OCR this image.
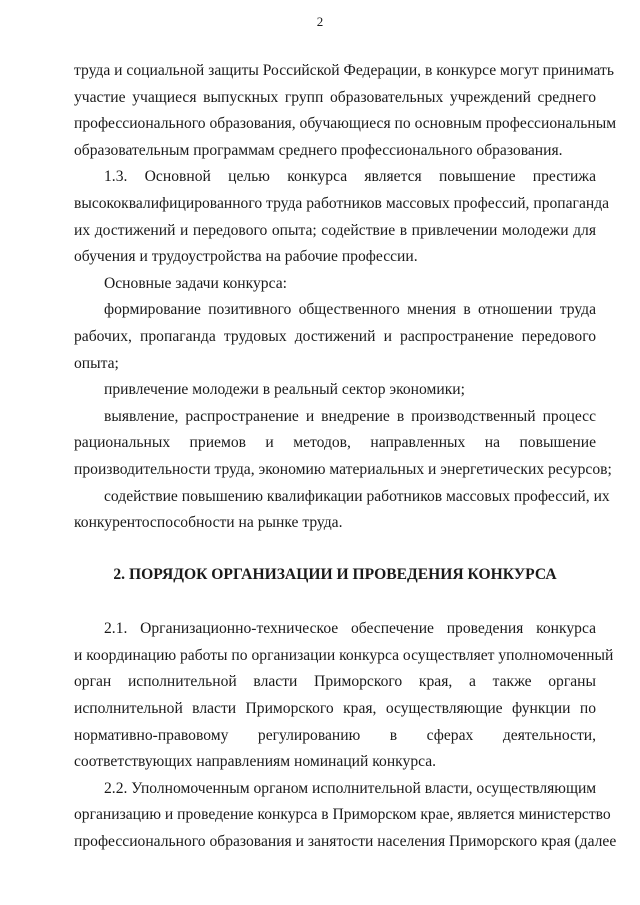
2

труда и социальной защиты Российской Федерации, в конкурсе могут принимать
участие учащиеся выпускных групп образовательных учреждений среднего
профессионального образования, обучающиеся по основным профессиональным
образовательным программам среднего профессионального образования.

1.3. Основной целью конкурса является повышение престижа
высококвалифицированного труда работников массовых профессий, пропаганда
их достижений и передового опыта; содействие в привлечении молодежи для
обучения и трудоустройства на рабочие профессии.

Основные задачи конкурса:

формирование позитивного общественного мнения в отношении труда
рабочих, пропаганда трудовых достижений и распространение передового
опыта;

привлечение молодежи в реальный сектор экономики;

выявление, распространение и внедрение в производственный процесс
рациональных приемов и методов, направленных на повышение
производительности труда, экономию материальных и энергетических ресурсов;

содействие повышению квалификации работников массовых профессий, их
конкурентоспособности на рынке труда.

2. ПОРЯДОК ОРГАНИЗАЦИИ И ПРОВЕДЕНИЯ КОНКУРСА

2.1. Организационно-техническое обеспечение проведения конкурса
и координацию работы по организации конкурса осуществляет уполномоченный
орган исполнительной власти Приморского края, а также органы
исполнительной власти Приморского края, осуществляющие функции по
нормативно-правовому регулированию в сферах деятельности,
соответствующих направлениям номинаций конкурса.

2.2. Уполномоченным органом исполнительной власти, осуществляющим
организацию и проведение конкурса в Приморском крае, является министерство
профессионального образования и занятости населения Приморского края (далее
